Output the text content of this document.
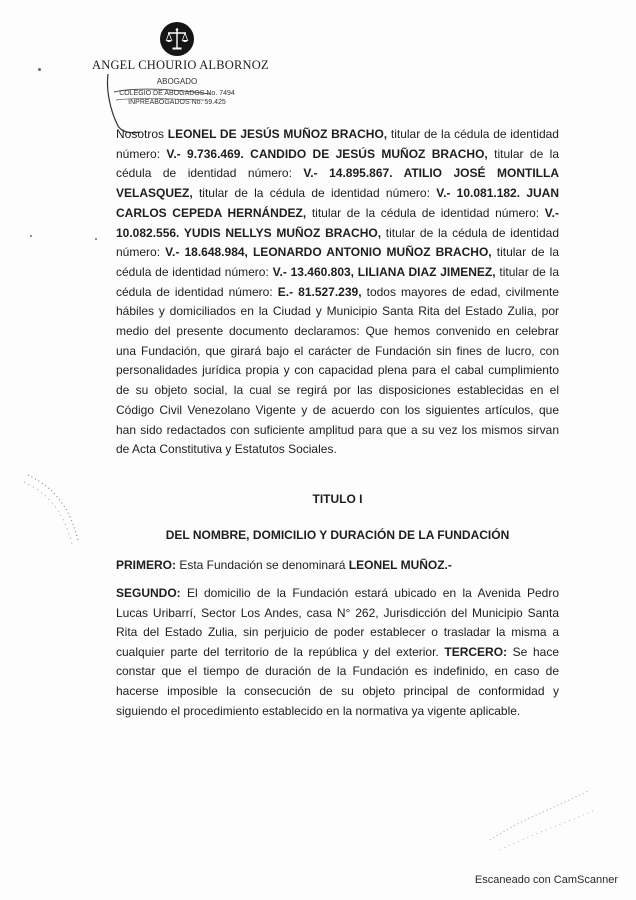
ANGEL CHOURIO ALBORNOZ
ABOGADO
COLEGIO DE ABOGADOS No. 7494
INPREABOGADOS No. 59.425
Nosotros LEONEL DE JESÚS MUÑOZ BRACHO, titular de la cédula de identidad número: V.- 9.736.469. CANDIDO DE JESÚS MUÑOZ BRACHO, titular de la cédula de identidad número: V.- 14.895.867. ATILIO JOSÉ MONTILLA VELASQUEZ, titular de la cédula de identidad número: V.- 10.081.182. JUAN CARLOS CEPEDA HERNÁNDEZ, titular de la cédula de identidad número: V.- 10.082.556. YUDIS NELLYS MUÑOZ BRACHO, titular de la cédula de identidad número: V.- 18.648.984, LEONARDO ANTONIO MUÑOZ BRACHO, titular de la cédula de identidad número: V.- 13.460.803, LILIANA DIAZ JIMENEZ, titular de la cédula de identidad número: E.- 81.527.239, todos mayores de edad, civilmente hábiles y domiciliados en la Ciudad y Municipio Santa Rita del Estado Zulia, por medio del presente documento declaramos: Que hemos convenido en celebrar una Fundación, que girará bajo el carácter de Fundación sin fines de lucro, con personalidades jurídica propia y con capacidad plena para el cabal cumplimiento de su objeto social, la cual se regirá por las disposiciones establecidas en el Código Civil Venezolano Vigente y de acuerdo con los siguientes artículos, que han sido redactados con suficiente amplitud para que a su vez los mismos sirvan de Acta Constitutiva y Estatutos Sociales.
TITULO I
DEL NOMBRE, DOMICILIO Y DURACIÓN DE LA FUNDACIÓN
PRIMERO: Esta Fundación se denominará LEONEL MUÑOZ.-
SEGUNDO: El domicilio de la Fundación estará ubicado en la Avenida Pedro Lucas Uribarrí, Sector Los Andes, casa N° 262, Jurisdicción del Municipio Santa Rita del Estado Zulia, sin perjuicio de poder establecer o trasladar la misma a cualquier parte del territorio de la república y del exterior. TERCERO: Se hace constar que el tiempo de duración de la Fundación es indefinido, en caso de hacerse imposible la consecución de su objeto principal de conformidad y siguiendo el procedimiento establecido en la normativa ya vigente aplicable.
Escaneado con CamScanner
